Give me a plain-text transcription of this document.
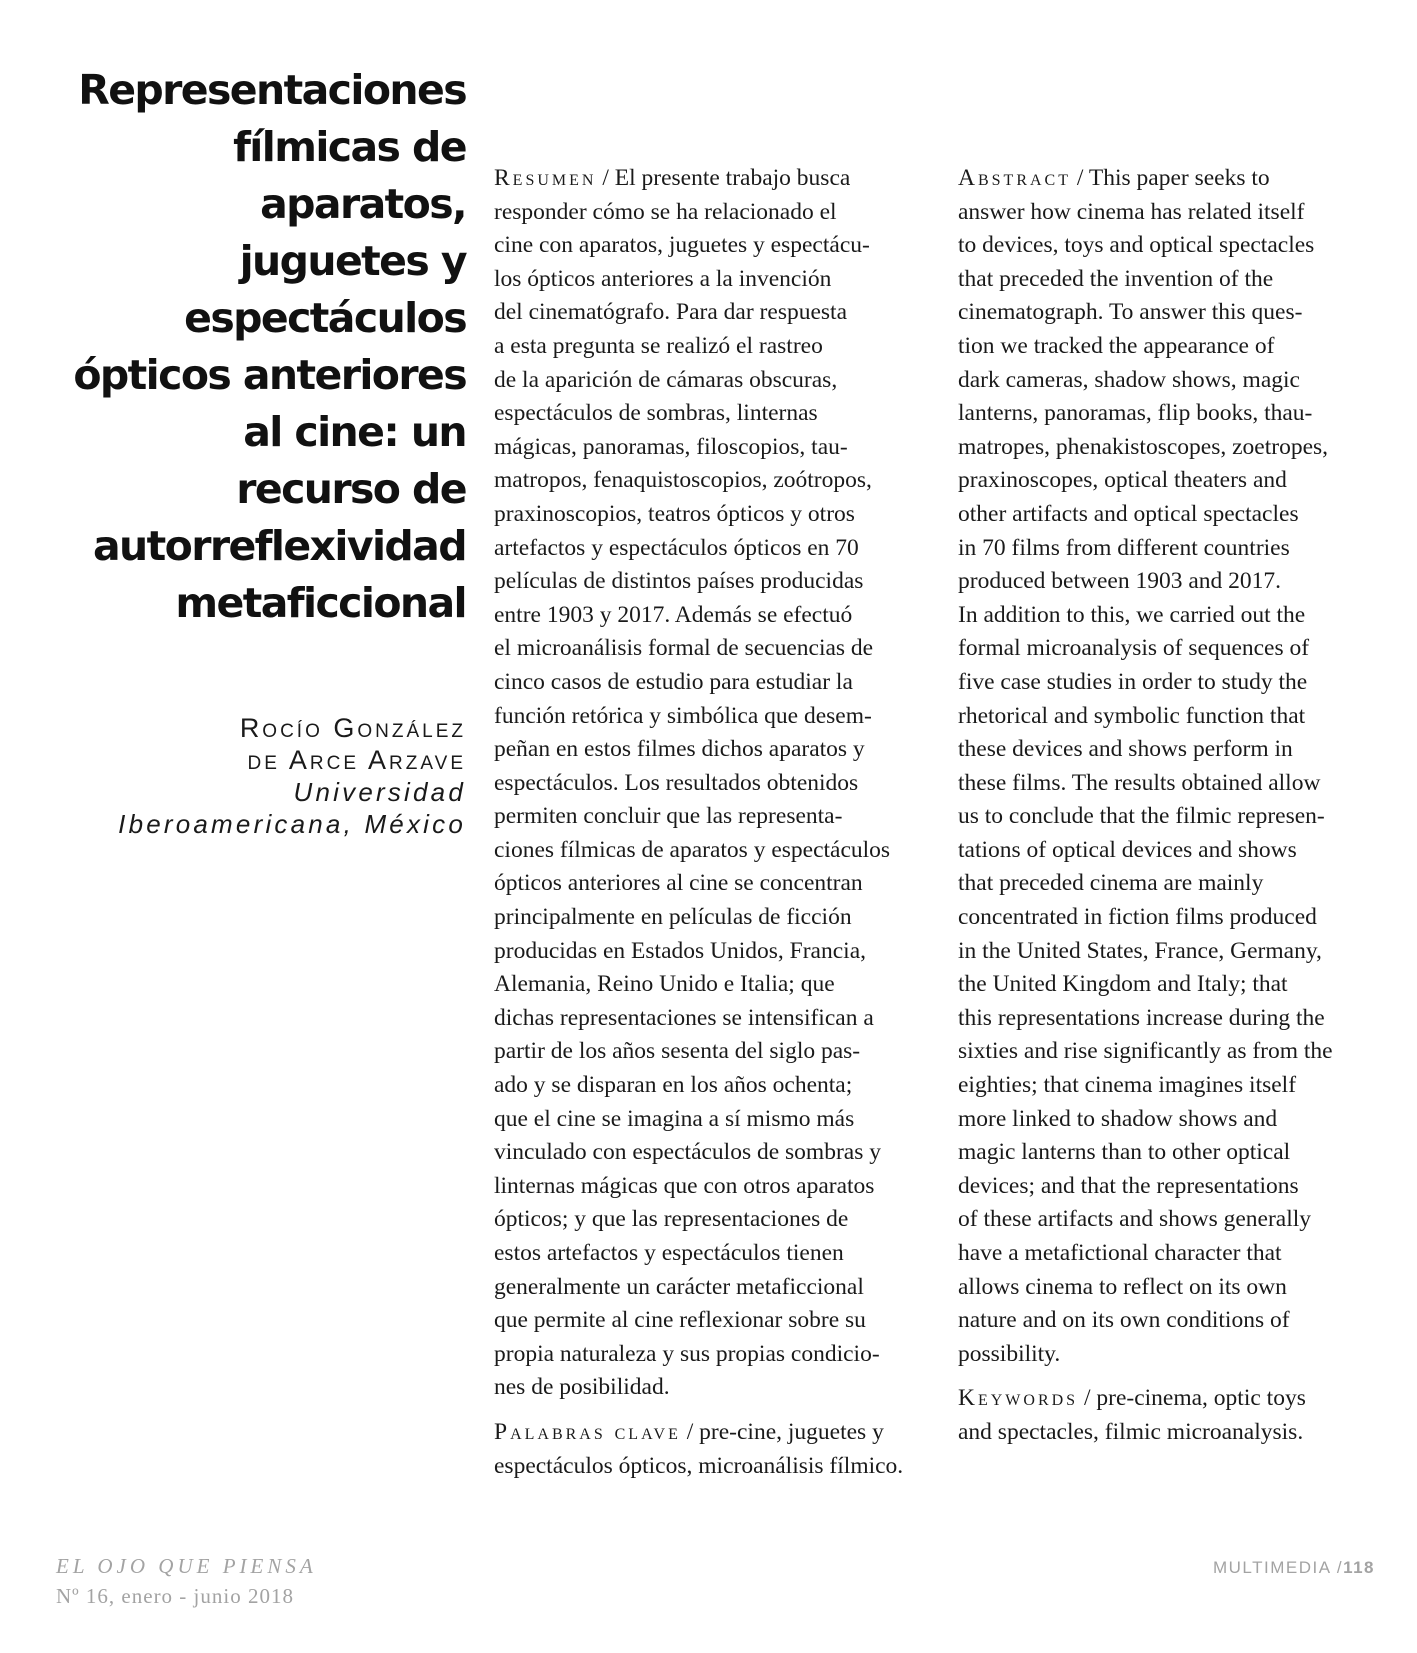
Representaciones
fílmicas de
aparatos,
juguetes y
espectáculos
ópticos anteriores
al cine: un
recurso de
autorreflexividad
metaficcional
Rocío González
de Arce Arzave
Universidad
Iberoamericana, México
Resumen / El presente trabajo busca
responder cómo se ha relacionado el
cine con aparatos, juguetes y espectácu-
los ópticos anteriores a la invención
del cinematógrafo. Para dar respuesta
a esta pregunta se realizó el rastreo
de la aparición de cámaras obscuras,
espectáculos de sombras, linternas
mágicas, panoramas, filoscopios, tau-
matropos, fenaquistoscopios, zoótropos,
praxinoscopios, teatros ópticos y otros
artefactos y espectáculos ópticos en 70
películas de distintos países producidas
entre 1903 y 2017. Además se efectuó
el microanálisis formal de secuencias de
cinco casos de estudio para estudiar la
función retórica y simbólica que desem-
peñan en estos filmes dichos aparatos y
espectáculos. Los resultados obtenidos
permiten concluir que las representa-
ciones fílmicas de aparatos y espectáculos
ópticos anteriores al cine se concentran
principalmente en películas de ficción
producidas en Estados Unidos, Francia,
Alemania, Reino Unido e Italia; que
dichas representaciones se intensifican a
partir de los años sesenta del siglo pas-
ado y se disparan en los años ochenta;
que el cine se imagina a sí mismo más
vinculado con espectáculos de sombras y
linternas mágicas que con otros aparatos
ópticos; y que las representaciones de
estos artefactos y espectáculos tienen
generalmente un carácter metaficcional
que permite al cine reflexionar sobre su
propia naturaleza y sus propias condicio-
nes de posibilidad.
Palabras clave / pre-cine, juguetes y
espectáculos ópticos, microanálisis fílmico.
Abstract / This paper seeks to
answer how cinema has related itself
to devices, toys and optical spectacles
that preceded the invention of the
cinematograph. To answer this ques-
tion we tracked the appearance of
dark cameras, shadow shows, magic
lanterns, panoramas, flip books, thau-
matropes, phenakistoscopes, zoetropes,
praxinoscopes, optical theaters and
other artifacts and optical spectacles
in 70 films from different countries
produced between 1903 and 2017.
In addition to this, we carried out the
formal microanalysis of sequences of
five case studies in order to study the
rhetorical and symbolic function that
these devices and shows perform in
these films. The results obtained allow
us to conclude that the filmic represen-
tations of optical devices and shows
that preceded cinema are mainly
concentrated in fiction films produced
in the United States, France, Germany,
the United Kingdom and Italy; that
this representations increase during the
sixties and rise significantly as from the
eighties; that cinema imagines itself
more linked to shadow shows and
magic lanterns than to other optical
devices; and that the representations
of these artifacts and shows generally
have a metafictional character that
allows cinema to reflect on its own
nature and on its own conditions of
possibility.
Keywords / pre-cinema, optic toys
and spectacles, filmic microanalysis.
EL OJO QUE PIENSA
Nº 16, enero - junio 2018
MULTIMEDIA /118
